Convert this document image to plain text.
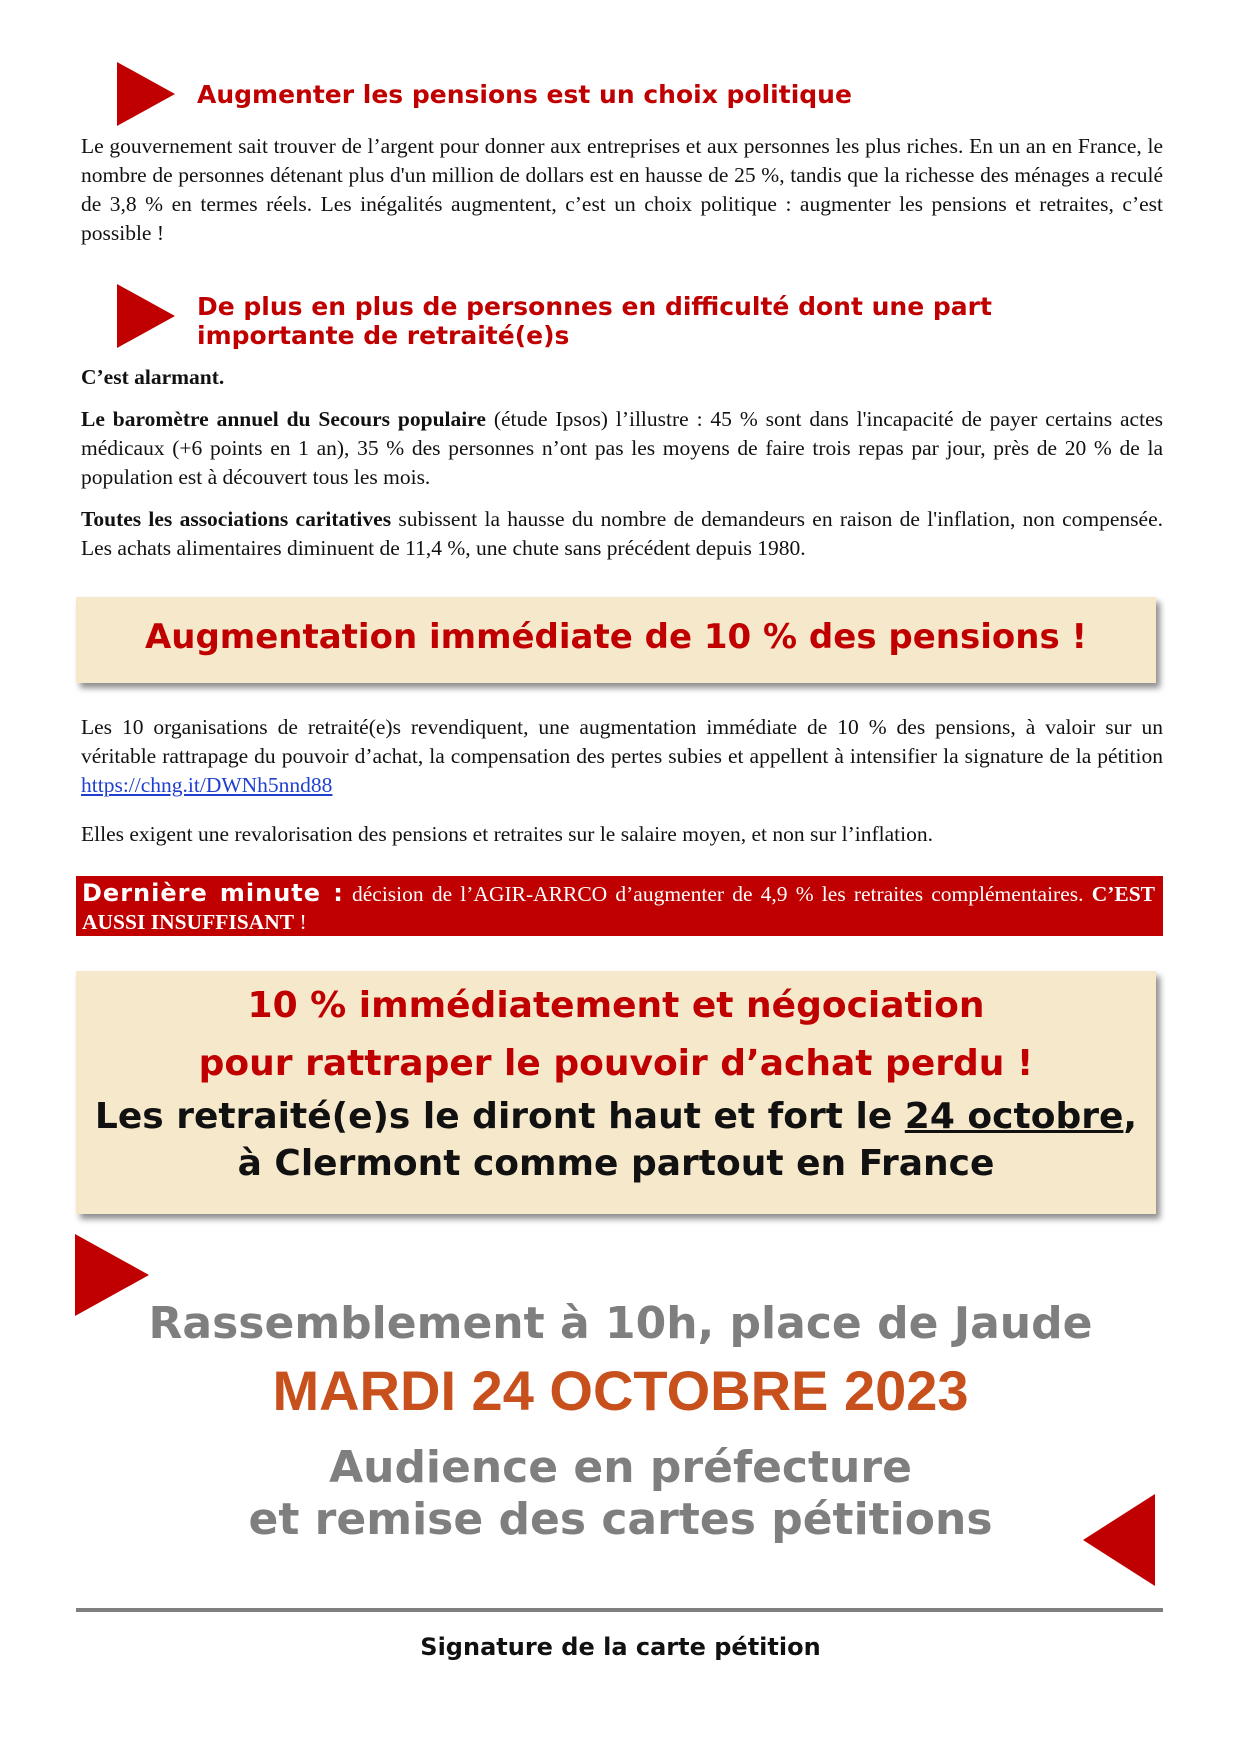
Augmenter les pensions est un choix politique

Le gouvernement sait trouver de l’argent pour donner aux entreprises et aux personnes les plus riches. En un an en France, le nombre de personnes détenant plus d'un million de dollars est en hausse de 25 %, tandis que la richesse des ménages a reculé de 3,8 % en termes réels. Les inégalités augmentent, c’est un choix politique : augmenter les pensions et retraites, c’est possible !

De plus en plus de personnes en difficulté dont une part
importante de retraité(e)s

C’est alarmant.

Le baromètre annuel du Secours populaire (étude Ipsos) l’illustre : 45 % sont dans l'incapacité de payer certains actes médicaux (+6 points en 1 an), 35 % des personnes n’ont pas les moyens de faire trois repas par jour, près de 20 % de la population est à découvert tous les mois.

Toutes les associations caritatives subissent la hausse du nombre de demandeurs en raison de l'inflation, non compensée. Les achats alimentaires diminuent de 11,4 %, une chute sans précédent depuis 1980.

Augmentation immédiate de 10 % des pensions !

Les 10 organisations de retraité(e)s revendiquent, une augmentation immédiate de 10 % des pensions, à valoir sur un véritable rattrapage du pouvoir d’achat, la compensation des pertes subies et appellent à intensifier la signature de la pétition https://chng.it/DWNh5nnd88

Elles exigent une revalorisation des pensions et retraites sur le salaire moyen, et non sur l’inflation.

Dernière minute : décision de l’AGIR-ARRCO d’augmenter de 4,9 % les retraites complémentaires. C’EST AUSSI INSUFFISANT !
10 % immédiatement et négociation
pour rattraper le pouvoir d’achat perdu !
Les retraité(e)s le diront haut et fort le 24 octobre,
à Clermont comme partout en France
Rassemblement à 10h, place de Jaude
MARDI 24 OCTOBRE 2023
Audience en préfecture
et remise des cartes pétitions
Signature de la carte pétition
